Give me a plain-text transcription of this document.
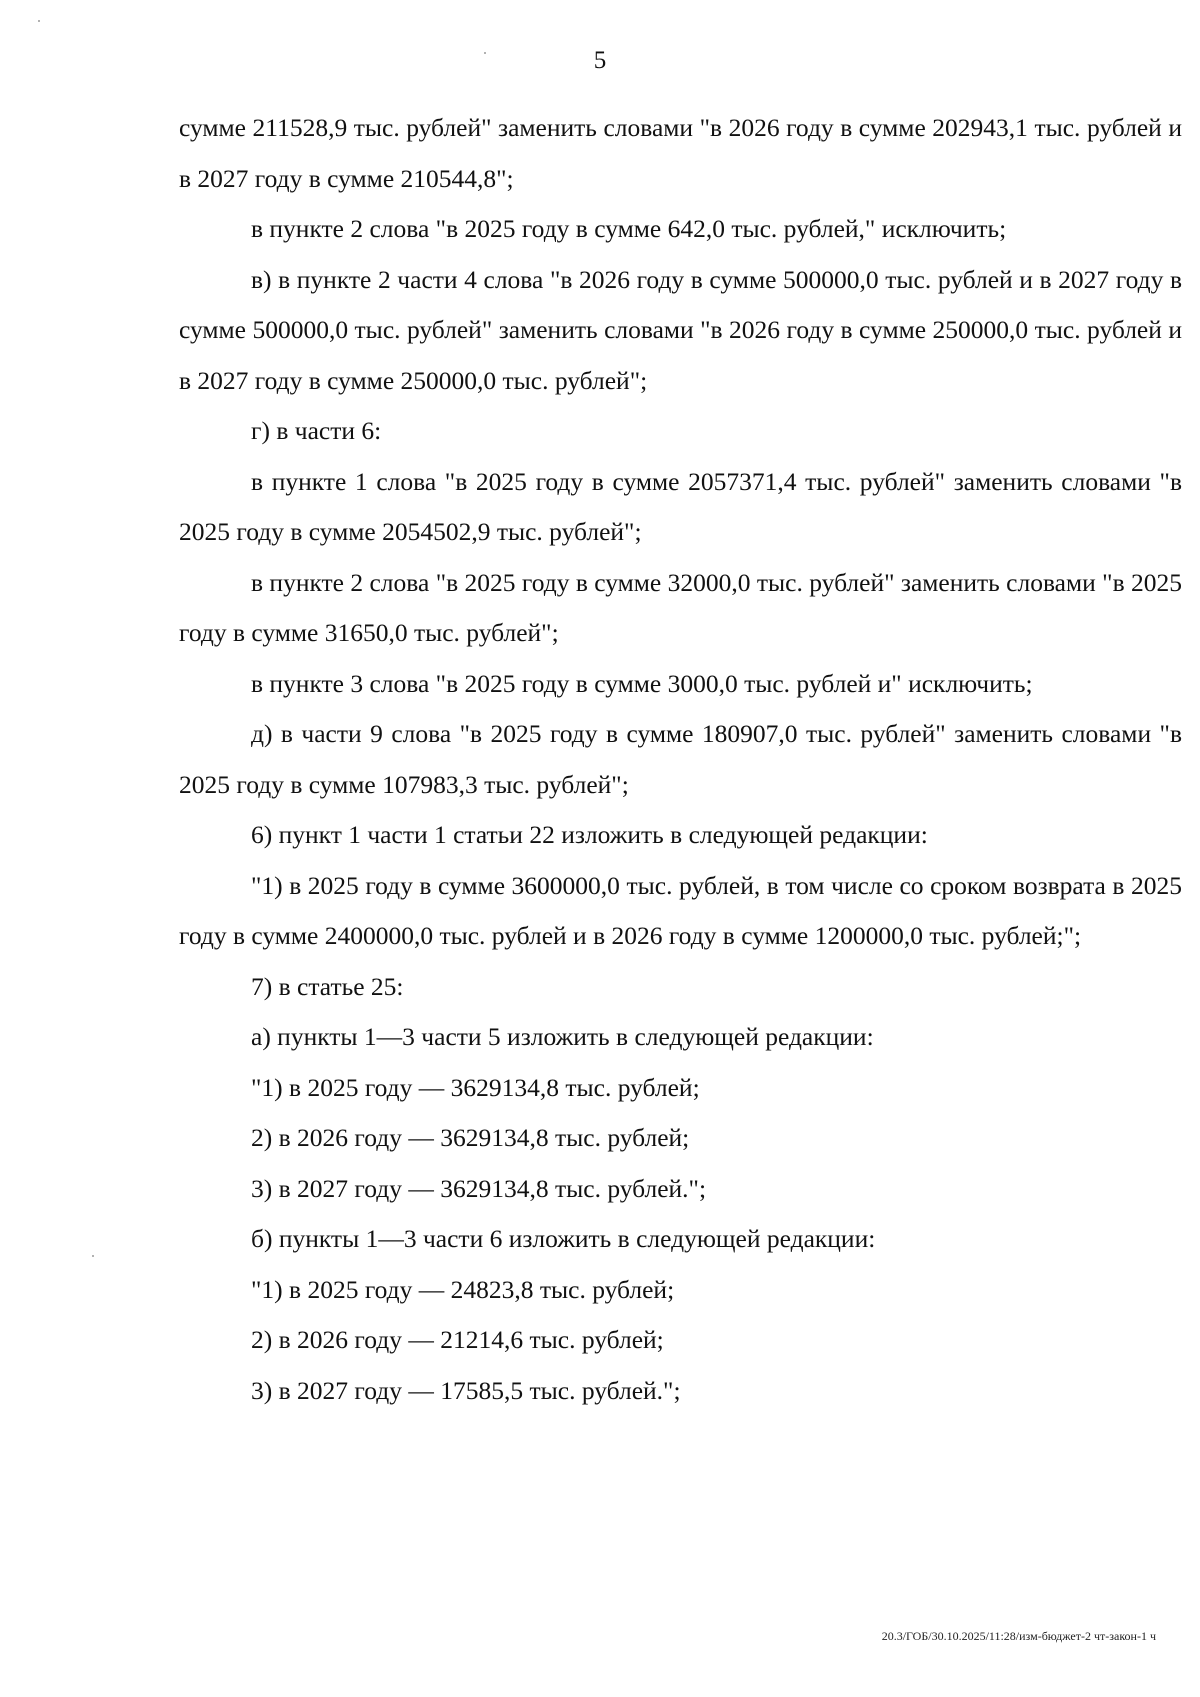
5

сумме 211528,9 тыс. рублей" заменить словами "в 2026 году в сумме 202943,1 тыс. рублей и в 2027 году в сумме 210544,8";

в пункте 2 слова "в 2025 году в сумме 642,0 тыс. рублей," исключить;

в) в пункте 2 части 4 слова "в 2026 году в сумме 500000,0 тыс. рублей и в 2027 году в сумме 500000,0 тыс. рублей" заменить словами "в 2026 году в сумме 250000,0 тыс. рублей и в 2027 году в сумме 250000,0 тыс. рублей";

г) в части 6:

в пункте 1 слова "в 2025 году в сумме 2057371,4 тыс. рублей" заменить словами "в 2025 году в сумме 2054502,9 тыс. рублей";

в пункте 2 слова "в 2025 году в сумме 32000,0 тыс. рублей" заменить словами "в 2025 году в сумме 31650,0 тыс. рублей";

в пункте 3 слова "в 2025 году в сумме 3000,0 тыс. рублей и" исключить;

д) в части 9 слова "в 2025 году в сумме 180907,0 тыс. рублей" заменить словами "в 2025 году в сумме 107983,3 тыс. рублей";

6) пункт 1 части 1 статьи 22 изложить в следующей редакции:

"1) в 2025 году в сумме 3600000,0 тыс. рублей, в том числе со сроком возврата в 2025 году в сумме 2400000,0 тыс. рублей и в 2026 году в сумме 1200000,0 тыс. рублей;";

7) в статье 25:

а) пункты 1—3 части 5 изложить в следующей редакции:

"1) в 2025 году — 3629134,8 тыс. рублей;

2) в 2026 году — 3629134,8 тыс. рублей;

3) в 2027 году — 3629134,8 тыс. рублей.";

б) пункты 1—3 части 6 изложить в следующей редакции:

"1) в 2025 году — 24823,8 тыс. рублей;

2) в 2026 году — 21214,6 тыс. рублей;

3) в 2027 году — 17585,5 тыс. рублей.";

20.3/ГОБ/30.10.2025/11:28/изм-бюджет-2 чт-закон-1 ч
